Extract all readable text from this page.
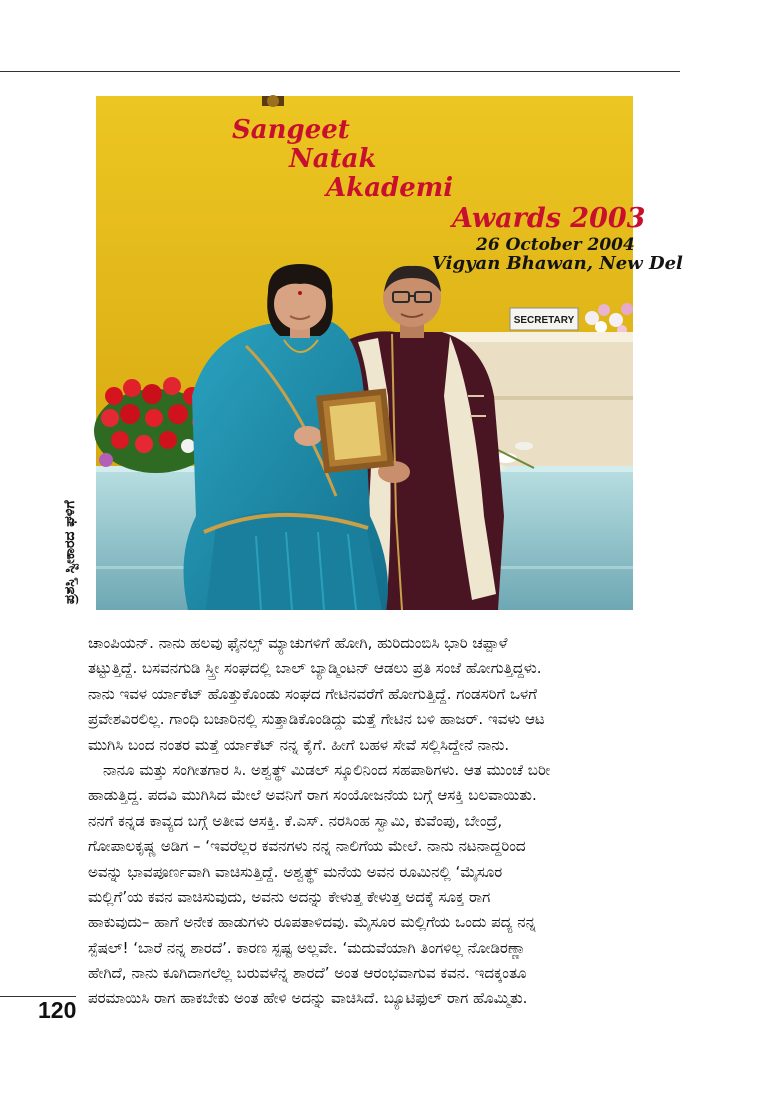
Sangeet
Natak
Akademi
Awards 2003
26 October 2004
Vigyan Bhawan, New Del
SECRETARY
ಪ್ರಶಸ್ತಿ ಸ್ವೀಕಾರದ ಘಳಿಗೆ
ಚಾಂಪಿಯನ್. ನಾನು ಹಲವು ಫೈನಲ್ಸ್ ಮ್ಯಾಚುಗಳಿಗೆ ಹೋಗಿ, ಹುರಿದುಂಬಿಸಿ ಭಾರಿ ಚಪ್ಪಾಳೆ
ತಟ್ಟುತ್ತಿದ್ದೆ. ಬಸವನಗುಡಿ ಸ್ತ್ರೀ ಸಂಘದಲ್ಲಿ ಬಾಲ್ ಬ್ಯಾಡ್ಮಿಂಟನ್ ಆಡಲು ಪ್ರತಿ ಸಂಜೆ ಹೋಗುತ್ತಿದ್ದಳು.
ನಾನು ಇವಳ ರ್ಯಾಕೆಟ್ ಹೊತ್ತುಕೊಂಡು ಸಂಘದ ಗೇಟಿನವರೆಗೆ ಹೋಗುತ್ತಿದ್ದೆ. ಗಂಡಸರಿಗೆ ಒಳಗೆ
ಪ್ರವೇಶವಿರಲಿಲ್ಲ. ಗಾಂಧಿ ಬಜಾರಿನಲ್ಲಿ ಸುತ್ತಾಡಿಕೊಂಡಿದ್ದು ಮತ್ತೆ ಗೇಟಿನ ಬಳಿ ಹಾಜರ್. ಇವಳು ಆಟ
ಮುಗಿಸಿ ಬಂದ ನಂತರ ಮತ್ತೆ ರ್ಯಾಕೆಟ್ ನನ್ನ ಕೈಗೆ. ಹೀಗೆ ಬಹಳ ಸೇವೆ ಸಲ್ಲಿಸಿದ್ದೇನೆ ನಾನು.
ನಾನೂ ಮತ್ತು ಸಂಗೀತಗಾರ ಸಿ. ಅಶ್ವತ್ಥ್ ಮಿಡಲ್ ಸ್ಕೂಲಿನಿಂದ ಸಹಪಾಠಿಗಳು. ಆತ ಮುಂಚೆ ಬರೀ
ಹಾಡುತ್ತಿದ್ದ. ಪದವಿ ಮುಗಿಸಿದ ಮೇಲೆ ಅವನಿಗೆ ರಾಗ ಸಂಯೋಜನೆಯ ಬಗ್ಗೆ ಆಸಕ್ತಿ ಬಲವಾಯಿತು.
ನನಗೆ ಕನ್ನಡ ಕಾವ್ಯದ ಬಗ್ಗೆ ಅತೀವ ಆಸಕ್ತಿ. ಕೆ.ಎಸ್. ನರಸಿಂಹ ಸ್ವಾಮಿ, ಕುವೆಂಪು, ಬೇಂದ್ರೆ,
ಗೋಪಾಲಕೃಷ್ಣ ಅಡಿಗ – ‘ಇವರೆಲ್ಲರ ಕವನಗಳು ನನ್ನ ನಾಲಿಗೆಯ ಮೇಲೆ. ನಾನು ನಟನಾದ್ದರಿಂದ
ಅವನ್ನು ಭಾವಪೂರ್ಣವಾಗಿ ವಾಚಿಸುತ್ತಿದ್ದೆ. ಅಶ್ವತ್ಥ್ ಮನೆಯ ಅವನ ರೂಮಿನಲ್ಲಿ ‘ಮೈಸೂರ
ಮಲ್ಲಿಗೆ’ಯ ಕವನ ವಾಚಿಸುವುದು, ಅವನು ಅದನ್ನು ಕೇಳುತ್ತ ಕೇಳುತ್ತ ಅದಕ್ಕೆ ಸೂಕ್ತ ರಾಗ
ಹಾಕುವುದು– ಹಾಗೆ ಅನೇಕ ಹಾಡುಗಳು ರೂಪತಾಳಿದವು. ಮೈಸೂರ ಮಲ್ಲಿಗೆಯ ಒಂದು ಪದ್ಯ ನನ್ನ
ಸ್ಪೆಷಲ್! ‘ಬಾರೆ ನನ್ನ ಶಾರದೆ’. ಕಾರಣ ಸ್ಪಷ್ಟ ಅಲ್ಲವೇ. ‘ಮದುವೆಯಾಗಿ ತಿಂಗಳಿಲ್ಲ ನೋಡಿರಣ್ಣಾ
ಹೇಗಿದೆ, ನಾನು ಕೂಗಿದಾಗಲೆಲ್ಲ ಬರುವಳೆನ್ನ ಶಾರದೆ’ ಅಂತ ಆರಂಭವಾಗುವ ಕವನ. ಇದಕ್ಕಂತೂ
ಪರಮಾಯಿಸಿ ರಾಗ ಹಾಕಬೇಕು ಅಂತ ಹೇಳಿ ಅದನ್ನು ವಾಚಿಸಿದೆ. ಬ್ಯೂಟಿಫುಲ್ ರಾಗ ಹೊಮ್ಮಿತು.
120
